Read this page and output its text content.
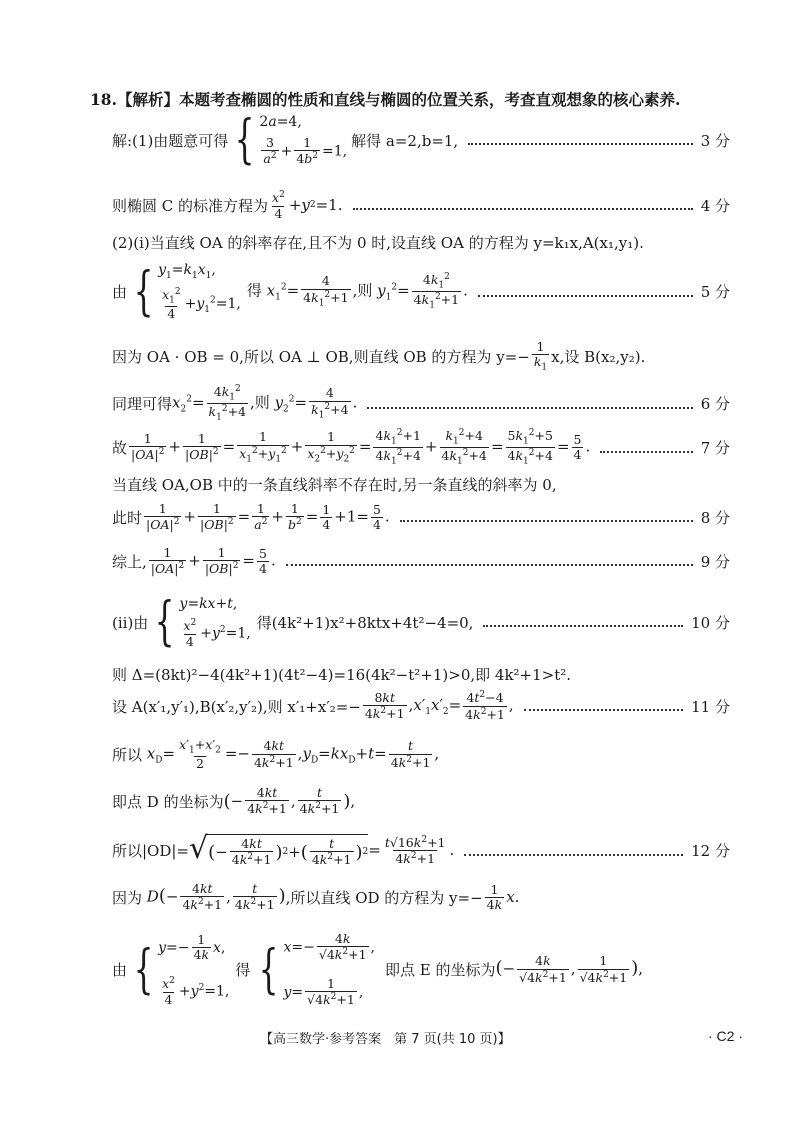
18.【解析】本题考查椭圆的性质和直线与椭圆的位置关系，考查直观想象的核心素养.
解:(1)由题意可得 { 2a=4,
$\frac{3}{a^2} + \frac{1}{4b^2} =1$,
解得 a=2,b=1,	3 分
则椭圆 C 的标准方程为 $\frac{x^2}{4} + y$ 2 =1.	4 分
(2)(ⅰ)当直线 OA 的斜率存在,且不为 0 时,设直线 OA 的方程为 y=k₁x,A(x₁,y₁).
由 { $y_1=k_1x_1$,
$\frac{x_1^2}{4} +y_1^2=1$,
得 $x_1^2= \frac{4}{4k_1^2+1}$ ,则 $y_1^2= \frac{4k_1^2}{4k_1^2+1}$ .	5 分
因为 OA · OB = 0,所以 OA ⊥ OB,则直线 OB 的方程为 $y=- \frac{1}{k_1} x$,设 B(x₂,y₂).
同理可得 $x_2^2= \frac{4k_1^2}{k_1^2+4}$ ,则 $y_2^2= \frac{4}{k_1^2+4}$ .	6 分
故 $\frac{1}{|OA|^2} + \frac{1}{|OB|^2} = \frac{1}{x_1^2+y_1^2} + \frac{1}{x_2^2+y_2^2} = \frac{4k_1^2+1}{4k_1^2+4} + \frac{k_1^2+4}{4k_1^2+4} = \frac{5k_1^2+5}{4k_1^2+4} = \frac{5}{4}$ .	7 分
当直线 OA,OB 中的一条直线斜率不存在时,另一条直线的斜率为 0,
此时 $\frac{1}{|OA|^2} + \frac{1}{|OB|^2} = \frac{1}{a^2} + \frac{1}{b^2} = \frac{1}{4} +1= \frac{5}{4}$ .	8 分
综上, $\frac{1}{|OA|^2} + \frac{1}{|OB|^2} = \frac{5}{4}$ .	9 分
(ⅱ)由 { y=kx+t,
$\frac{x^2}{4} +y^2=1$,
得(4k²+1)x²+8ktx+4t²−4=0,	10 分
则 Δ=(8kt)²−4(4k²+1)(4t²−4)=16(4k²−t²+1)>0,即 4k²+1>t².
设 A(x′₁,y′₁),B(x′₂,y′₂),则 $x'_1+x'_2=- \frac{8kt}{4k^2+1} ,x'_1x'_2= \frac{4t^2-4}{4k^2+1}$ ,	11 分
所以 $x_D= \frac{x'_1+x'_2}{2} =- \frac{4kt}{4k^2+1} ,y_D=kx_D+t= \frac{t}{4k^2+1}$ ,
即点 D 的坐标为 ( − $\frac{4kt}{4k^2+1}$ , $\frac{t}{4k^2+1}$ ) ,
所以|OD|= √ ( − $\frac{4kt}{4k^2+1}$ ) 2 + ( $\frac{t}{4k^2+1}$ ) $2 = \frac{t√16k^2+1}{4k^2+1}$ .	12 分
因为 $D(- \frac{4kt}{4k^2+1}$ , $\frac{t}{4k^2+1}$ ) ,所以直线 OD 的方程为 $y=- \frac{1}{4k} x$.
由 { $y=- \frac{1}{4k} x$,
$\frac{x^2}{4} +y^2=1$,
得 { $x=- \frac{4k}{√4k^2+1}$ ,
$y= \frac{1}{√4k^2+1}$ ,
即点 E 的坐标为 (− $\frac{4k}{√4k^2+1}$ , $\frac{1}{√4k^2+1}$ ),
【高三数学·参考答案　第 7 页(共 10 页)】	· C2 ·
